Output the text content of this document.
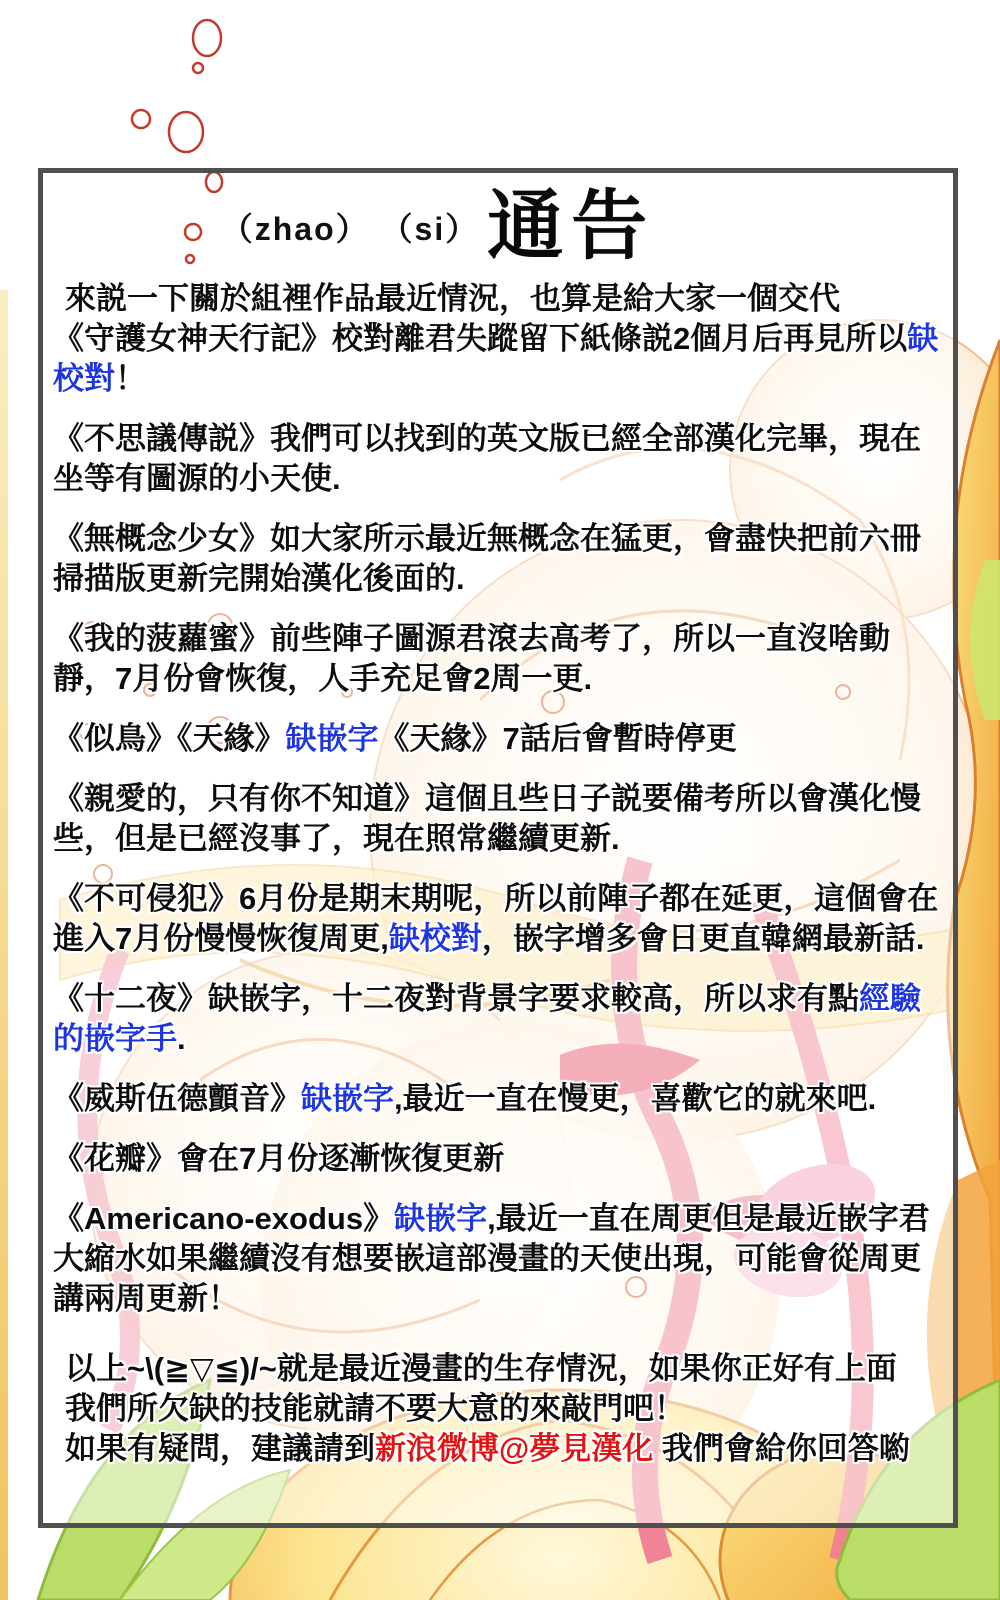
（zhao） （si） 通告

來説一下關於組裡作品最近情況，也算是給大家一個交代

《守護女神天行記》校對離君失蹤留下紙條説2個月后再見所以缺校對！

《不思議傳説》我們可以找到的英文版已經全部漢化完畢，現在坐等有圖源的小天使.

《無概念少女》如大家所示最近無概念在猛更，會盡快把前六冊掃描版更新完開始漢化後面的.

《我的菠蘿蜜》前些陣子圖源君滾去高考了，所以一直沒啥動靜，7月份會恢復，人手充足會2周一更.

《似鳥》《天緣》缺嵌字《天緣》7話后會暫時停更

《親愛的，只有你不知道》這個且些日子説要備考所以會漢化慢些，但是已經沒事了，現在照常繼續更新.

《不可侵犯》6月份是期末期呢，所以前陣子都在延更，這個會在進入7月份慢慢恢復周更,缺校對，嵌字增多會日更直韓網最新話.

《十二夜》缺嵌字，十二夜對背景字要求較高，所以求有點經驗的嵌字手.

《威斯伍德顫音》缺嵌字,最近一直在慢更，喜歡它的就來吧.

《花瓣》會在7月份逐漸恢復更新

《Americano-exodus》缺嵌字,最近一直在周更但是最近嵌字君大縮水如果繼續沒有想要嵌這部漫畫的天使出現，可能會從周更講兩周更新！

以上~\(≧▽≦)/~就是最近漫畫的生存情況，如果你正好有上面

我們所欠缺的技能就請不要大意的來敲門吧！

如果有疑問，建議請到新浪微博@夢見漢化 我們會給你回答喲
